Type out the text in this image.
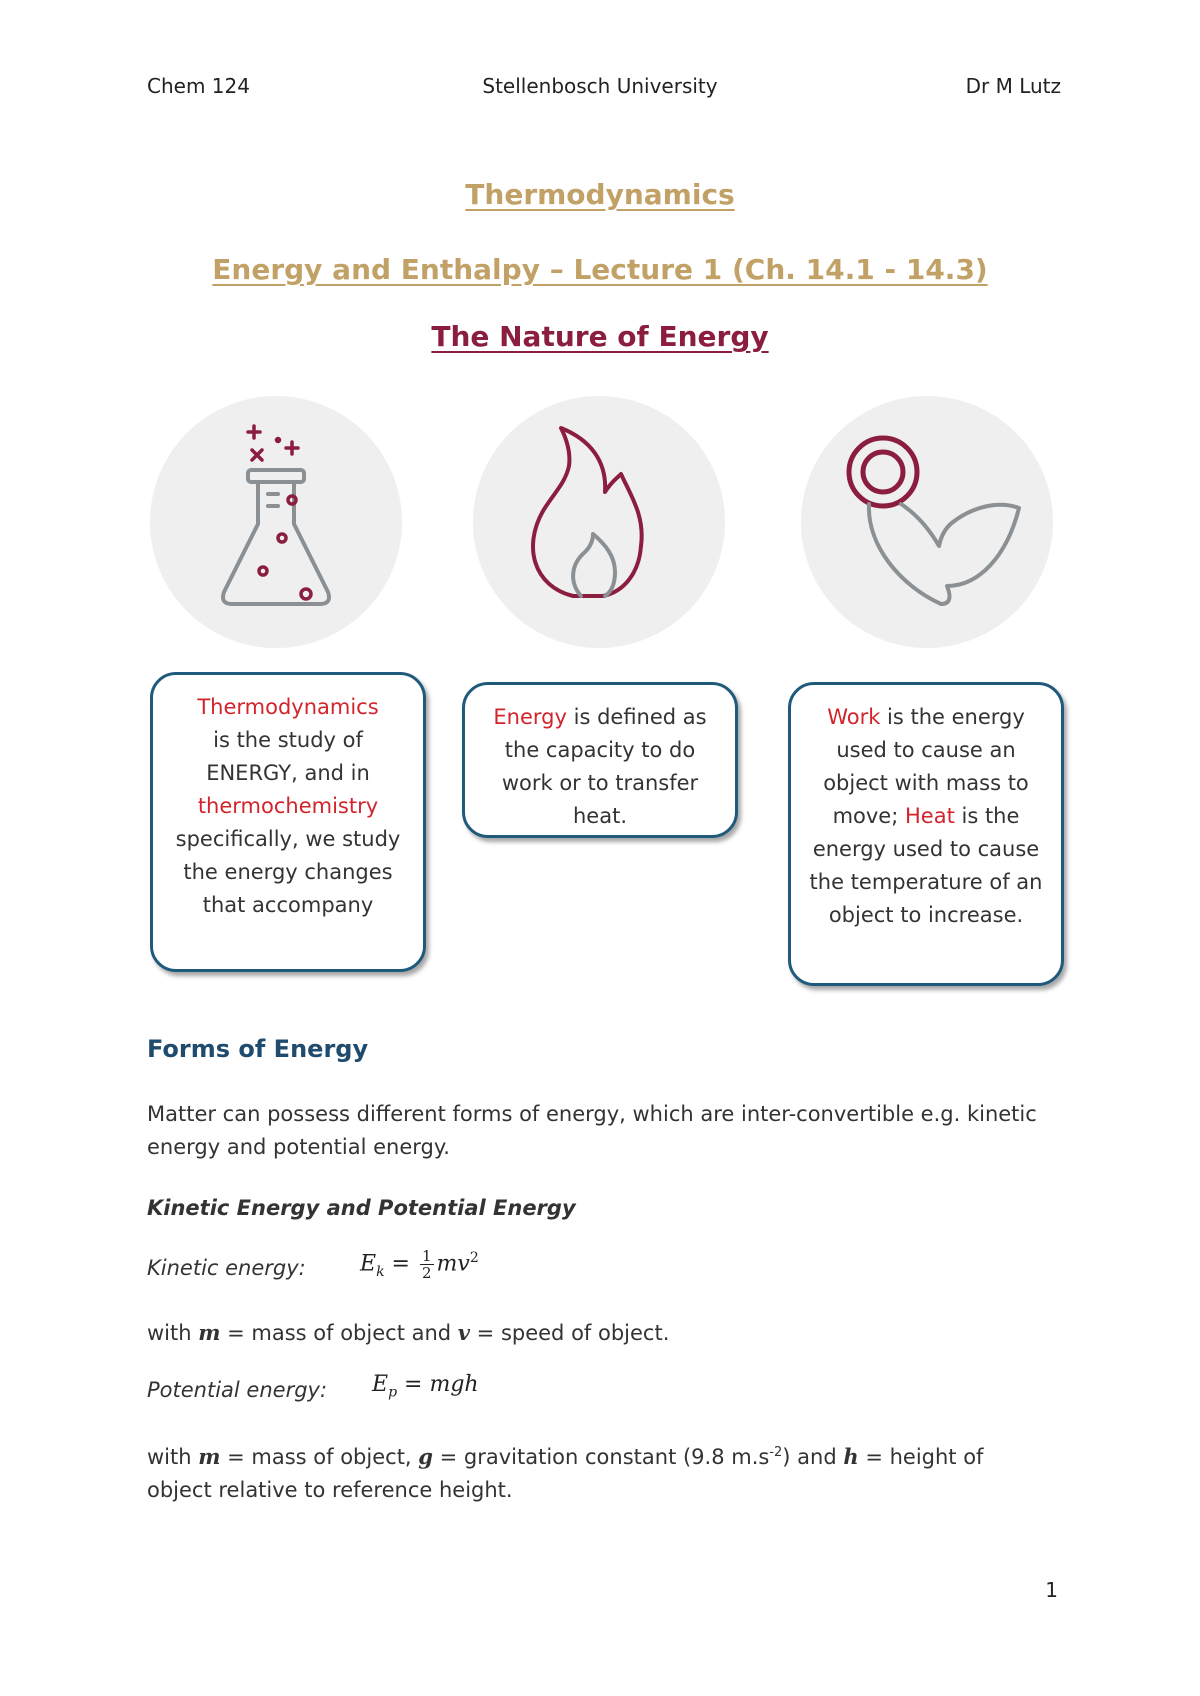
Chem 124	Stellenbosch University	Dr M Lutz
Thermodynamics
Energy and Enthalpy – Lecture 1 (Ch. 14.1 - 14.3)
The Nature of Energy
Thermodynamics
is the study of ENERGY, and in
thermochemistry
specifically, we study the energy changes that accompany
Energy is defined as the capacity to do work or to transfer heat.
Work is the energy used to cause an object with mass to move; Heat is the energy used to cause the temperature of an object to increase.
Forms of Energy
Matter can possess different forms of energy, which are inter-convertible e.g. kinetic energy and potential energy.
Kinetic Energy and Potential Energy
Kinetic energy: $E_k = \frac{1}{2} mv^2$
with m = mass of object and v = speed of object.
Potential energy: $E_p$ = mgh
with m = mass of object, g = gravitation constant (9.8 $m.s^{-2}$) and h = height of object relative to reference height.
1
